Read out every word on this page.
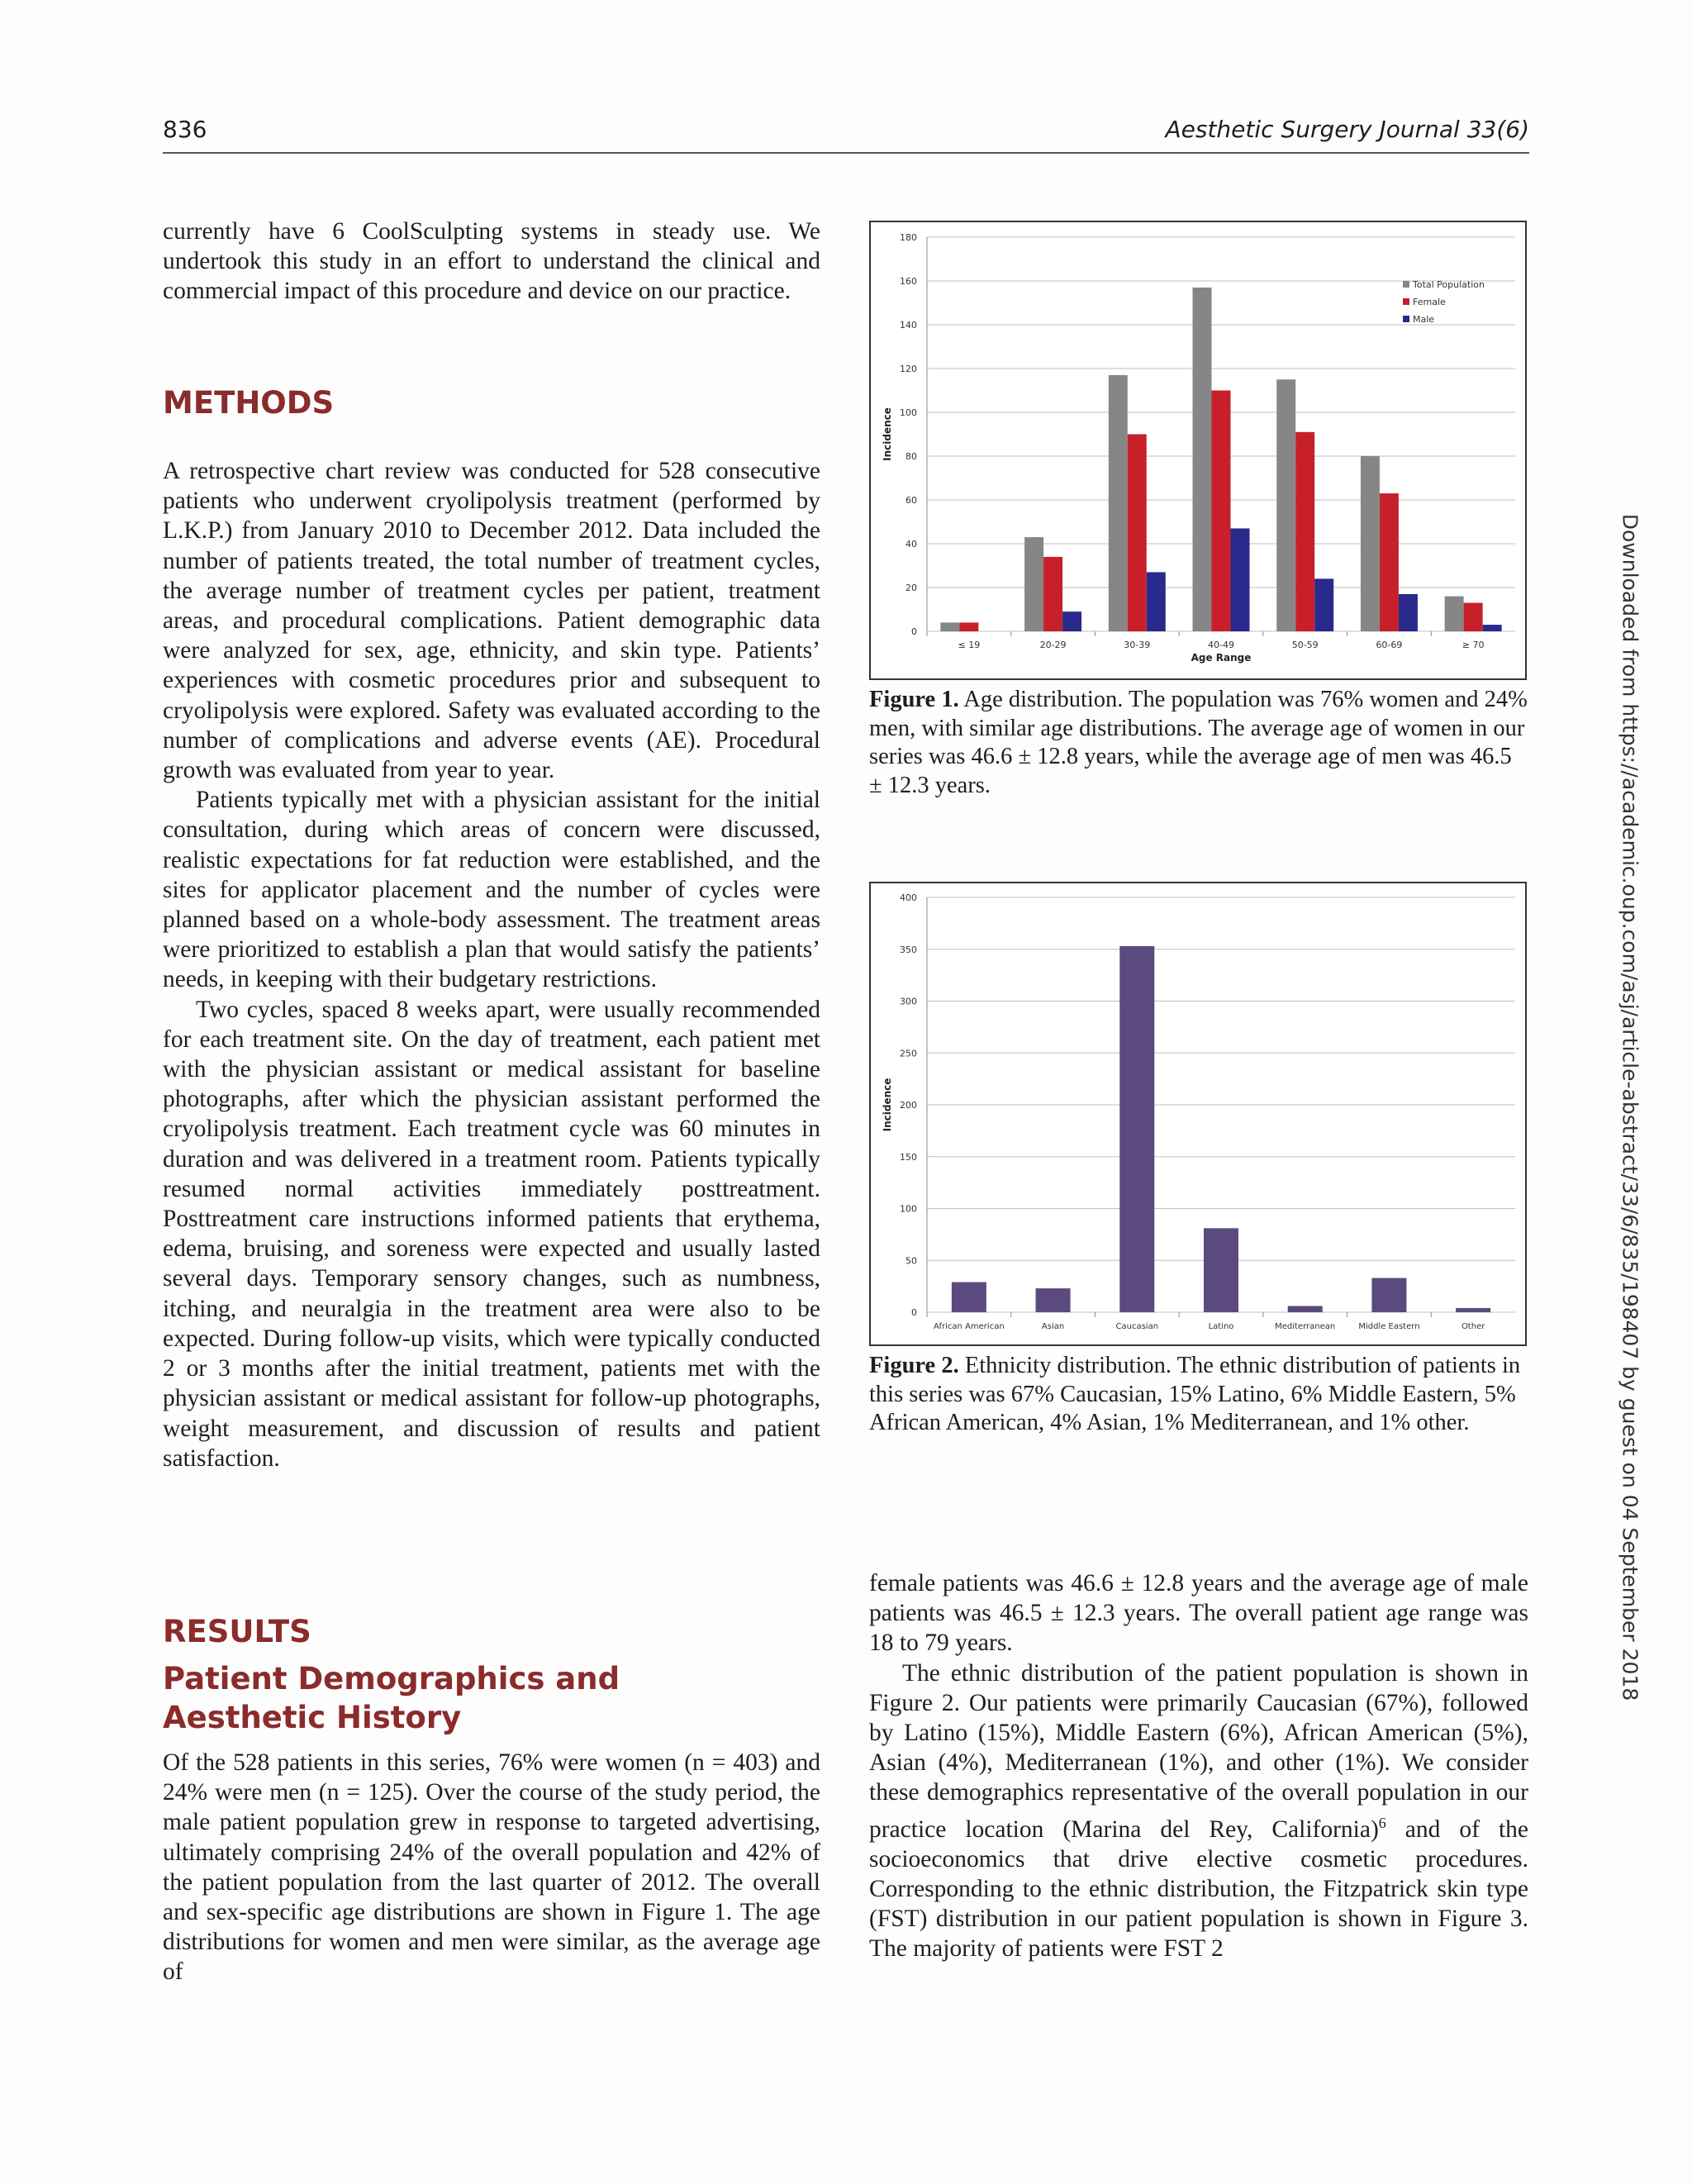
836	Aesthetic Surgery Journal 33(6)

currently have 6 CoolSculpting systems in steady use. We undertook this study in an effort to understand the clinical and commercial impact of this procedure and device on our practice.

METHODS

A retrospective chart review was conducted for 528 consecutive patients who underwent cryolipolysis treatment (performed by L.K.P.) from January 2010 to December 2012. Data included the number of patients treated, the total number of treatment cycles, the average number of treatment cycles per patient, treatment areas, and procedural complications. Patient demographic data were analyzed for sex, age, ethnicity, and skin type. Patients’ experiences with cosmetic procedures prior and subsequent to cryolipolysis were explored. Safety was evaluated according to the number of complications and adverse events (AE). Procedural growth was evaluated from year to year.

Patients typically met with a physician assistant for the initial consultation, during which areas of concern were discussed, realistic expectations for fat reduction were established, and the sites for applicator placement and the number of cycles were planned based on a whole-body assessment. The treatment areas were prioritized to establish a plan that would satisfy the patients’ needs, in keeping with their budgetary restrictions.

Two cycles, spaced 8 weeks apart, were usually recommended for each treatment site. On the day of treatment, each patient met with the physician assistant or medical assistant for baseline photographs, after which the physician assistant performed the cryolipolysis treatment. Each treatment cycle was 60 minutes in duration and was delivered in a treatment room. Patients typically resumed normal activities immediately posttreatment. Posttreatment care instructions informed patients that erythema, edema, bruising, and soreness were expected and usually lasted several days. Temporary sensory changes, such as numbness, itching, and neuralgia in the treatment area were also to be expected. During follow-up visits, which were typically conducted 2 or 3 months after the initial treatment, patients met with the physician assistant or medical assistant for follow-up photographs, weight measurement, and discussion of results and patient satisfaction.

RESULTS
Patient Demographics and Aesthetic History

Of the 528 patients in this series, 76% were women (n = 403) and 24% were men (n = 125). Over the course of the study period, the male patient population grew in response to targeted advertising, ultimately comprising 24% of the overall population and 42% of the patient population from the last quarter of 2012. The overall and sex-specific age distributions are shown in Figure 1. The age distributions for women and men were similar, as the average age of

0
20
40
60
80
100
120
140
160
180
≤ 19	20-29	30-39	40-49	50-59	60-69	≥ 70
Incidence
Age Range
Total Population
Female
Male
Figure 1. Age distribution. The population was 76% women and 24% men, with similar age distributions. The average age of women in our series was 46.6 ± 12.8 years, while the average age of men was 46.5 ± 12.3 years.
0
50
100
150
200
250
300
350
400
African American	Asian	Caucasian	Latino	Mediterranean	Middle Eastern	Other
Incidence
Figure 2. Ethnicity distribution. The ethnic distribution of patients in this series was 67% Caucasian, 15% Latino, 6% Middle Eastern, 5% African American, 4% Asian, 1% Mediterranean, and 1% other.

female patients was 46.6 ± 12.8 years and the average age of male patients was 46.5 ± 12.3 years. The overall patient age range was 18 to 79 years.

The ethnic distribution of the patient population is shown in Figure 2. Our patients were primarily Caucasian (67%), followed by Latino (15%), Middle Eastern (6%), African American (5%), Asian (4%), Mediterranean (1%), and other (1%). We consider these demographics representative of the overall population in our practice location (Marina del Rey, California)$^6$ and of the socioeconomics that drive elective cosmetic procedures. Corresponding to the ethnic distribution, the Fitzpatrick skin type (FST) distribution in our patient population is shown in Figure 3. The majority of patients were FST 2

Downloaded from https://academic.oup.com/asj/article-abstract/33/6/835/198407 by guest on 04 September 2018
